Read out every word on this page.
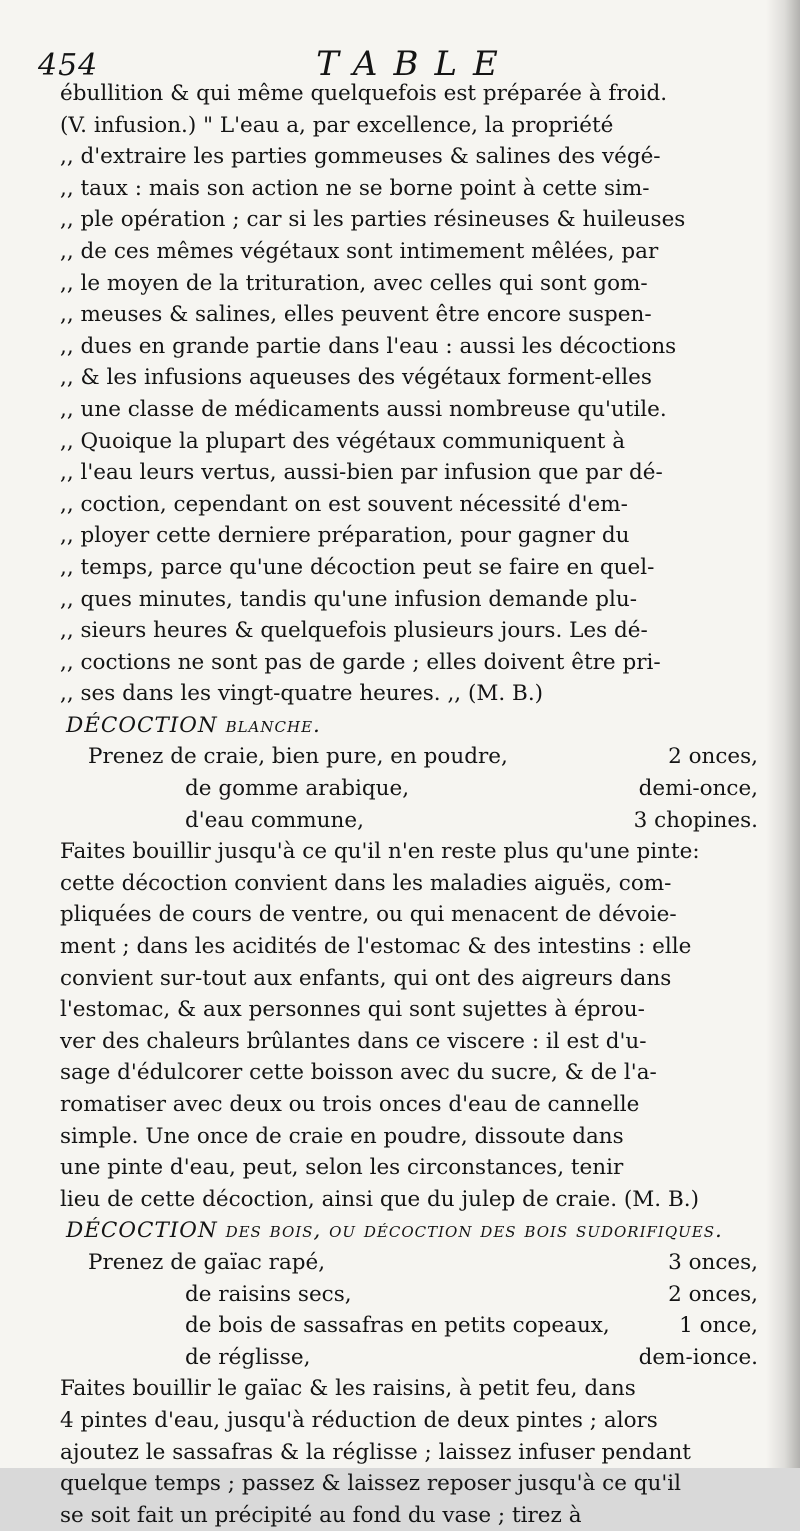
454	TABLE
ébullition & qui même quelquefois est préparée à froid.
(V. infusion.) " L'eau a, par excellence, la propriété
,, d'extraire les parties gommeuses & salines des végé-
,, taux : mais son action ne se borne point à cette sim-
,, ple opération ; car si les parties résineuses & huileuses
,, de ces mêmes végétaux sont intimement mêlées, par
,, le moyen de la trituration, avec celles qui sont gom-
,, meuses & salines, elles peuvent être encore suspen-
,, dues en grande partie dans l'eau : aussi les décoctions
,, & les infusions aqueuses des végétaux forment-elles
,, une classe de médicaments aussi nombreuse qu'utile.
,, Quoique la plupart des végétaux communiquent à
,, l'eau leurs vertus, aussi-bien par infusion que par dé-
,, coction, cependant on est souvent nécessité d'em-
,, ployer cette derniere préparation, pour gagner du
,, temps, parce qu'une décoction peut se faire en quel-
,, ques minutes, tandis qu'une infusion demande plu-
,, sieurs heures & quelquefois plusieurs jours. Les dé-
,, coctions ne sont pas de garde ; elles doivent être pri-
,, ses dans les vingt-quatre heures. ,, (M. B.)
DÉCOCTION blanche.
Prenez de craie, bien pure, en poudre,	2 onces,
de gomme arabique,	demi-once,
d'eau commune,	3 chopines.
Faites bouillir jusqu'à ce qu'il n'en reste plus qu'une pinte:
cette décoction convient dans les maladies aiguës, com-
pliquées de cours de ventre, ou qui menacent de dévoie-
ment ; dans les acidités de l'estomac & des intestins : elle
convient sur-tout aux enfants, qui ont des aigreurs dans
l'estomac, & aux personnes qui sont sujettes à éprou-
ver des chaleurs brûlantes dans ce viscere : il est d'u-
sage d'édulcorer cette boisson avec du sucre, & de l'a-
romatiser avec deux ou trois onces d'eau de cannelle
simple. Une once de craie en poudre, dissoute dans
une pinte d'eau, peut, selon les circonstances, tenir
lieu de cette décoction, ainsi que du julep de craie. (M. B.)
DÉCOCTION des bois, ou décoction des bois sudorifiques.
Prenez de gaïac rapé,	3 onces,
de raisins secs,	2 onces,
de bois de sassafras en petits copeaux,	1 once,
de réglisse,	dem-ionce.
Faites bouillir le gaïac & les raisins, à petit feu, dans
4 pintes d'eau, jusqu'à réduction de deux pintes ; alors
ajoutez le sassafras & la réglisse ; laissez infuser pendant
quelque temps ; passez & laissez reposer jusqu'à ce qu'il
se soit fait un précipité au fond du vase ; tirez à
